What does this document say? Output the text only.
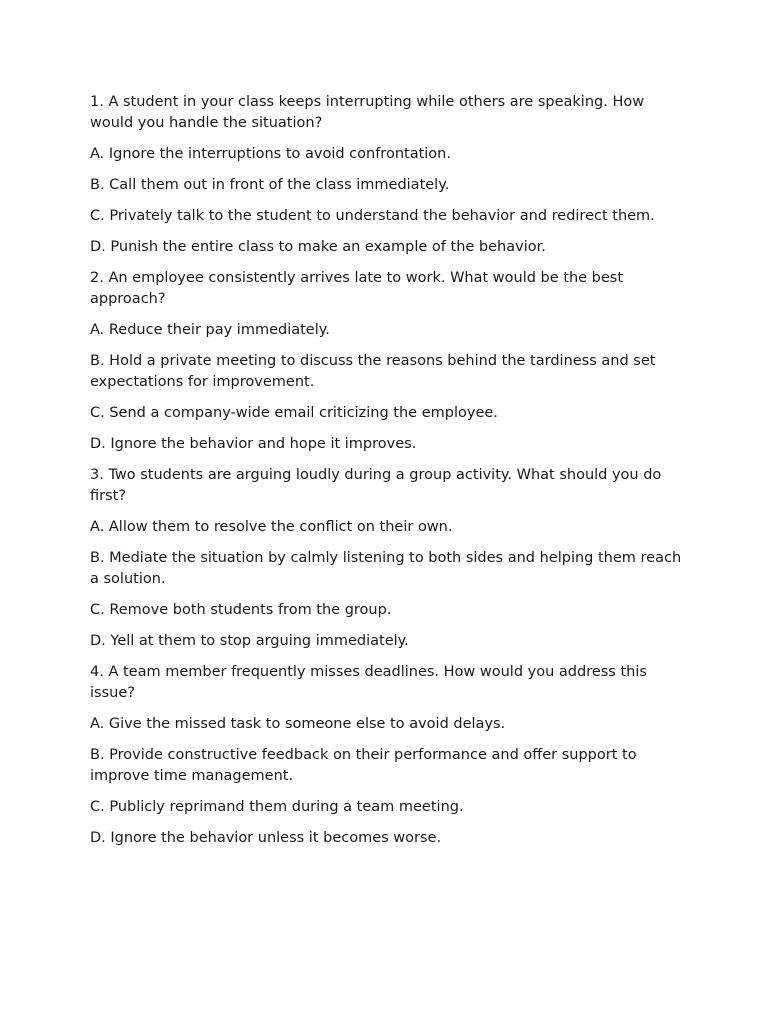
1. A student in your class keeps interrupting while others are speaking. How would you handle the situation?

A. Ignore the interruptions to avoid confrontation.

B. Call them out in front of the class immediately.

C. Privately talk to the student to understand the behavior and redirect them.

D. Punish the entire class to make an example of the behavior.

2. An employee consistently arrives late to work. What would be the best approach?

A. Reduce their pay immediately.

B. Hold a private meeting to discuss the reasons behind the tardiness and set expectations for improvement.

C. Send a company-wide email criticizing the employee.

D. Ignore the behavior and hope it improves.

3. Two students are arguing loudly during a group activity. What should you do first?

A. Allow them to resolve the conflict on their own.

B. Mediate the situation by calmly listening to both sides and helping them reach a solution.

C. Remove both students from the group.

D. Yell at them to stop arguing immediately.

4. A team member frequently misses deadlines. How would you address this issue?

A. Give the missed task to someone else to avoid delays.

B. Provide constructive feedback on their performance and offer support to improve time management.

C. Publicly reprimand them during a team meeting.

D. Ignore the behavior unless it becomes worse.
